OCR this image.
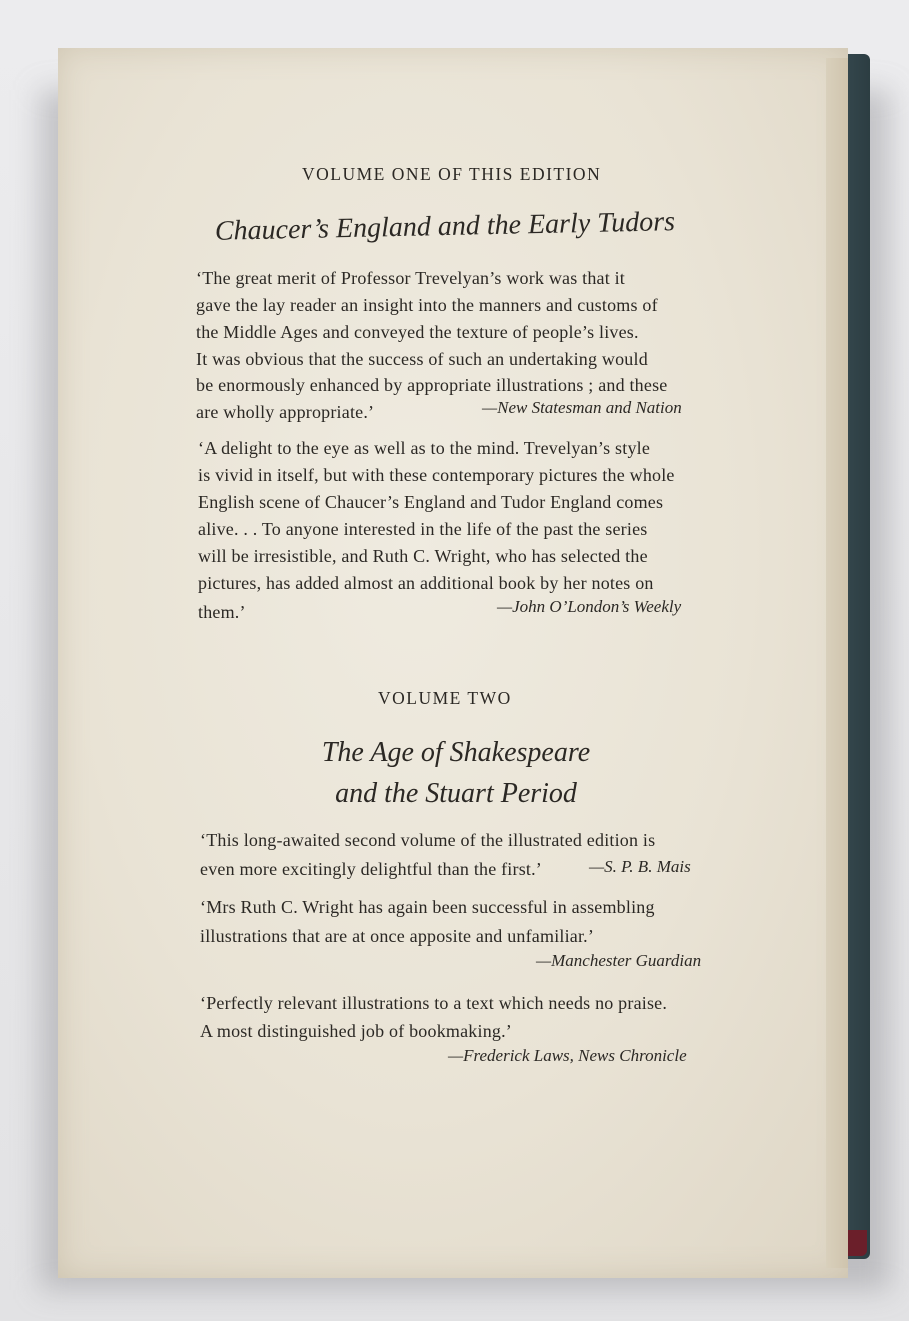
VOLUME ONE OF THIS EDITION
Chaucer’s England and the Early Tudors
‘The great merit of Professor Trevelyan’s work was that it
gave the lay reader an insight into the manners and customs of
the Middle Ages and conveyed the texture of people’s lives.
It was obvious that the success of such an undertaking would
be enormously enhanced by appropriate illustrations ; and these
are wholly appropriate.’	—New Statesman and Nation
‘A delight to the eye as well as to the mind. Trevelyan’s style
is vivid in itself, but with these contemporary pictures the whole
English scene of Chaucer’s England and Tudor England comes
alive. . . To anyone interested in the life of the past the series
will be irresistible, and Ruth C. Wright, who has selected the
pictures, has added almost an additional book by her notes on
them.’	—John O’London’s Weekly
VOLUME TWO
The Age of Shakespeare
and the Stuart Period
‘This long-awaited second volume of the illustrated edition is
even more excitingly delightful than the first.’	—S. P. B. Mais
‘Mrs Ruth C. Wright has again been successful in assembling
illustrations that are at once apposite and unfamiliar.’
—Manchester Guardian
‘Perfectly relevant illustrations to a text which needs no praise.
A most distinguished job of bookmaking.’
—Frederick Laws, News Chronicle
